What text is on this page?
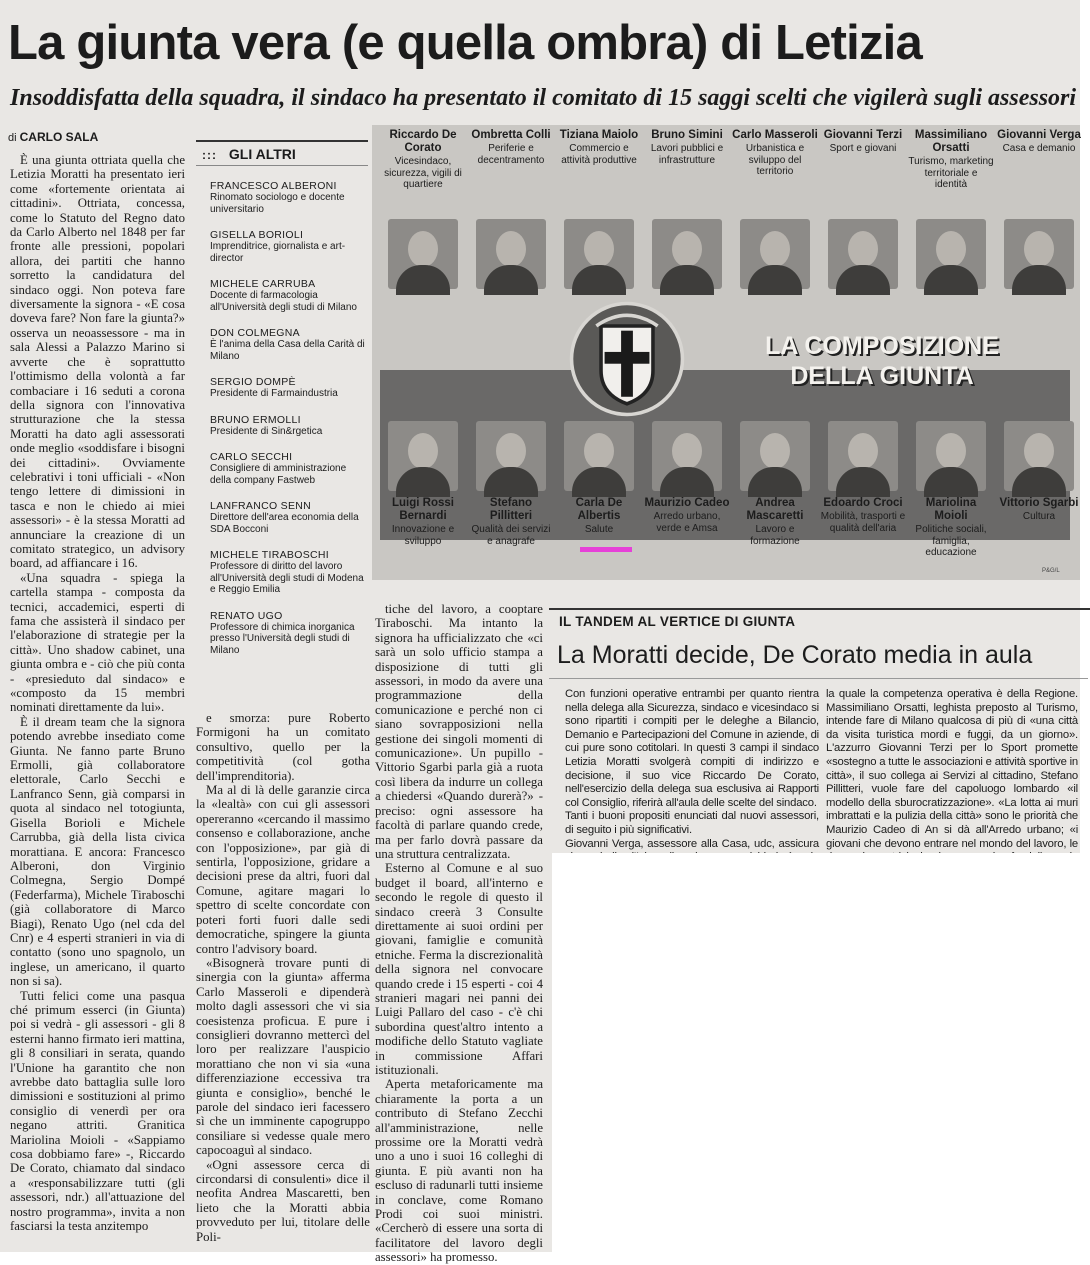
La giunta vera (e quella ombra) di Letizia
Insoddisfatta della squadra, il sindaco ha presentato il comitato di 15 saggi scelti che vigilerà sugli assessori
di CARLO SALA

È una giunta ottriata quella che Letizia Moratti ha presentato ieri come «fortemente orientata ai cittadini». Ottriata, concessa, come lo Statuto del Regno dato da Carlo Alberto nel 1848 per far fronte alle pressioni, popolari allora, dei partiti che hanno sorretto la candidatura del sindaco oggi. Non poteva fare diversamente la signora - «E cosa doveva fare? Non fare la giunta?» osserva un neoassessore - ma in sala Alessi a Palazzo Marino si avverte che è soprattutto l'ottimismo della volontà a far combaciare i 16 seduti a corona della signora con l'innovativa strutturazione che la stessa Moratti ha dato agli assessorati onde meglio «soddisfare i bisogni dei cittadini». Ovviamente celebrativi i toni ufficiali - «Non tengo lettere di dimissioni in tasca e non le chiedo ai miei assessori» - è la stessa Moratti ad annunciare la creazione di un comitato strategico, un advisory board, ad affiancare i 16.

«Una squadra - spiega la cartella stampa - composta da tecnici, accademici, esperti di fama che assisterà il sindaco per l'elaborazione di strategie per la città». Uno shadow cabinet, una giunta ombra e - ciò che più conta - «presieduto dal sindaco» e «composto da 15 membri nominati direttamente da lui».

È il dream team che la signora potendo avrebbe insediato come Giunta. Ne fanno parte Bruno Ermolli, già collaboratore elettorale, Carlo Secchi e Lanfranco Senn, già comparsi in quota al sindaco nel totogiunta, Gisella Borioli e Michele Carrubba, già della lista civica morattiana. E ancora: Francesco Alberoni, don Virginio Colmegna, Sergio Dompé (Federfarma), Michele Tiraboschi (già collaboratore di Marco Biagi), Renato Ugo (nel cda del Cnr) e 4 esperti stranieri in via di contatto (sono uno spagnolo, un inglese, un americano, il quarto non si sa).

Tutti felici come una pasqua ché primum esserci (in Giunta) poi si vedrà - gli assessori - gli 8 esterni hanno firmato ieri mattina, gli 8 consiliari in serata, quando l'Unione ha garantito che non avrebbe dato battaglia sulle loro dimissioni e sostituzioni al primo consiglio di venerdì per ora negano attriti. Granitica Mariolina Moioli - «Sappiamo cosa dobbiamo fare» -, Riccardo De Corato, chiamato dal sindaco a «responsabilizzare tutti (gli assessori, ndr.) all'attuazione del nostro programma», invita a non fasciarsi la testa anzitempo

::: GLI ALTRI
FRANCESCO ALBERONI
Rinomato sociologo e docente universitario
GISELLA BORIOLI
Imprenditrice, giornalista e art-director
MICHELE CARRUBA
Docente di farmacologia all'Università degli studi di Milano
DON COLMEGNA
È l'anima della Casa della Carità di Milano
SERGIO DOMPÈ
Presidente di Farmaindustria
BRUNO ERMOLLI
Presidente di Sin&rgetica
CARLO SECCHI
Consigliere di amministrazione della company Fastweb
LANFRANCO SENN
Direttore dell'area economia della SDA Bocconi
MICHELE TIRABOSCHI
Professore di diritto del lavoro all'Università degli studi di Modena e Reggio Emilia
RENATO UGO
Professore di chimica inorganica presso l'Università degli studi di Milano

e smorza: pure Roberto Formigoni ha un comitato consultivo, quello per la competitività (col gotha dell'imprenditoria).

Ma al di là delle garanzie circa la «lealtà» con cui gli assessori opereranno «cercando il massimo consenso e collaborazione, anche con l'opposizione», par già di sentirla, l'opposizione, gridare a decisioni prese da altri, fuori dal Comune, agitare magari lo spettro di scelte concordate con poteri forti fuori dalle sedi democratiche, spingere la giunta contro l'advisory board.

«Bisognerà trovare punti di sinergia con la giunta» afferma Carlo Masseroli e dipenderà molto dagli assessori che vi sia coesistenza proficua. E pure i consiglieri dovranno mettercì del loro per realizzare l'auspicio morattiano che non vi sia «una differenziazione eccessiva tra giunta e consiglio», benché le parole del sindaco ieri facessero sì che un imminente capogruppo consiliare si vedesse quale mero capocoaguì al sindaco.

«Ogni assessore cerca di circondarsi di consulenti» dice il neofita Andrea Mascaretti, ben lieto che la Moratti abbia provveduto per lui, titolare delle Poli-

tiche del lavoro, a cooptare Tiraboschi. Ma intanto la signora ha ufficializzato che «ci sarà un solo ufficio stampa a disposizione di tutti gli assessori, in modo da avere una programmazione della comunicazione e perché non ci siano sovrapposizioni nella gestione dei singoli momenti di comunicazione». Un pupillo - Vittorio Sgarbi parla già a ruota così libera da indurre un collega a chiedersi «Quando durerà?» - preciso: ogni assessore ha facoltà di parlare quando crede, ma per farlo dovrà passare da una struttura centralizzata.

Esterno al Comune e al suo budget il board, all'interno e secondo le regole di questo il sindaco creerà 3 Consulte direttamente ai suoi ordini per giovani, famiglie e comunità etniche. Ferma la discrezionalità della signora nel convocare quando crede i 15 esperti - coi 4 stranieri magari nei panni dei Luigi Pallaro del caso - c'è chi subordina quest'altro intento a modifiche dello Statuto vagliate in commissione Affari istituzionali.

Aperta metaforicamente ma chiaramente la porta a un contributo di Stefano Zecchi all'amministrazione, nelle prossime ore la Moratti vedrà uno a uno i suoi 16 colleghi di giunta. E più avanti non ha escluso di radunarli tutti insieme in conclave, come Romano Prodi coi suoi ministri. «Cercherò di essere una sorta di facilitatore del lavoro degli assessori» ha promesso.

LA COMPOSIZIONE
DELLA GIUNTA
P&G/L
Riccardo De Corato
Vicesindaco, sicurezza, vigili di quartiere
Ombretta Colli
Periferie e decentramento
Tiziana Maiolo
Commercio e attività produttive
Bruno Simini
Lavori pubblici e infrastrutture
Carlo Masseroli
Urbanistica e sviluppo del territorio
Giovanni Terzi
Sport e giovani
Massimiliano Orsatti
Turismo, marketing territoriale e identità
Giovanni Verga
Casa e demanio
Luigi Rossi Bernardi
Innovazione e sviluppo
Stefano Pillitteri
Qualità dei servizi e anagrafe
Carla De Albertis
Salute
Maurizio Cadeo
Arredo urbano, verde e Amsa
Andrea Mascaretti
Lavoro e formazione
Edoardo Croci
Mobilità, trasporti e qualità dell'aria
Mariolina Moioli
Politiche sociali, famiglia, educazione
Vittorio Sgarbi
Cultura
IL TANDEM AL VERTICE DI GIUNTA
La Moratti decide, De Corato media in aula

Con funzioni operative entrambi per quanto rientra nella delega alla Sicurezza, sindaco e vicesindaco si sono ripartiti i compiti per le deleghe a Bilancio, Demanio e Partecipazioni del Comune in aziende, di cui pure sono cotitolari. In questi 3 campi il sindaco Letizia Moratti svolgerà compiti di indirizzo e decisione, il suo vice Riccardo De Corato, nell'esercizio della delega sua esclusiva ai Rapporti col Consiglio, riferirà all'aula delle scelte del sindaco.

Tanti i buoni propositi enunciati dal nuovi assessori, di seguito i più significativi.

Giovanni Verga, assessore alla Casa, udc, assicura

la quale la competenza operativa è della Regione. Massimiliano Orsatti, leghista preposto al Turismo, intende fare di Milano qualcosa di più di «una città da visita turistica mordi e fuggi, da un giorno». L'azzurro Giovanni Terzi per lo Sport promette «sostegno a tutte le associazioni e attività sportive in città», il suo collega ai Servizi al cittadino, Stefano Pillitteri, vuole fare del capoluogo lombardo «il modello della sburocratizzazione». «La lotta ai muri imbrattati e la pulizia della città» sono le priorità che Maurizio Cadeo di An si dà all'Arredo urbano; «i giovani che devono entrare nel mondo del lavoro, le
